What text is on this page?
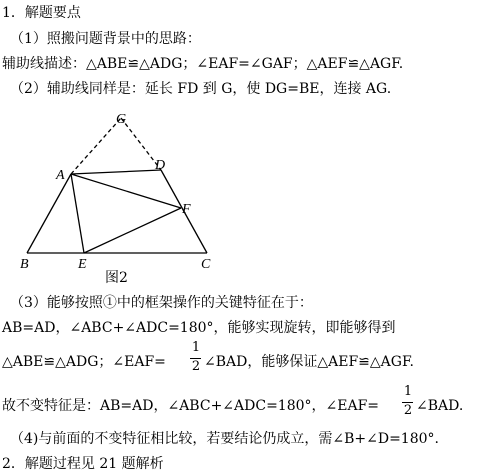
1．解题要点
（1）照搬问题背景中的思路：
辅助线描述：△ABE≌△ADG；∠EAF=∠GAF；△AEF≌△AGF.
（2）辅助线同样是：延长 FD 到 G，使 DG=BE，连接 AG.
G
D
A
F
B	E	C
图2
（3）能够按照①中的框架操作的关键特征在于：
AB=AD，∠ABC+∠ADC=180°，能够实现旋转，即能够得到
△ABE≌△ADG；∠EAF=
1
2 ∠BAD，能够保证△AEF≌△AGF.
故不变特征是：AB=AD，∠ABC+∠ADC=180°，∠EAF=
1
2 ∠BAD.
（4)与前面的不变特征相比较，若要结论仍成立，需∠B+∠D=180°.
2．解题过程见 21 题解析
